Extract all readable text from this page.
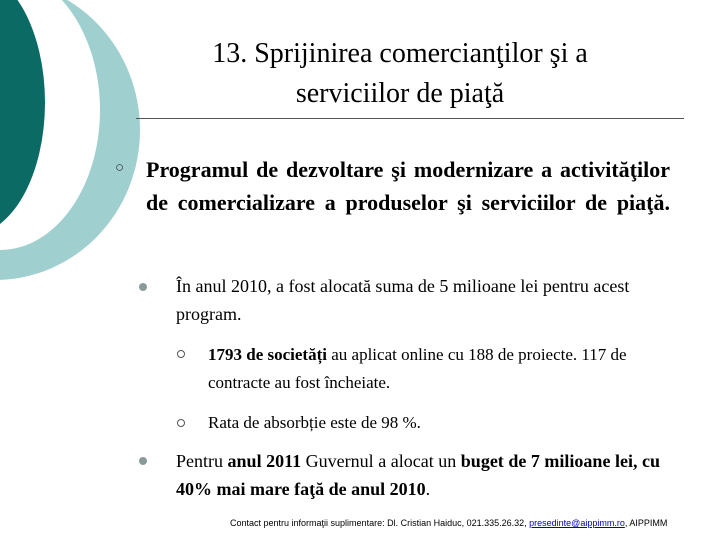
13. Sprijinirea comercianţilor şi a
serviciilor de piaţă
○ Programul de dezvoltare şi modernizare a activităţilor de comercializare a produselor şi serviciilor de piaţă.
În anul 2010, a fost alocată suma de 5 milioane lei pentru acest program.
1793 de societăți au aplicat online cu 188 de proiecte. 117 de contracte au fost încheiate.
Rata de absorbție este de 98 %.
Pentru anul 2011 Guvernul a alocat un buget de 7 milioane lei, cu 40% mai mare faţă de anul 2010.
Contact pentru informaţii suplimentare: Dl. Cristian Haiduc, 021.335.26.32, presedinte@aippimm.ro, AIPPIMM
